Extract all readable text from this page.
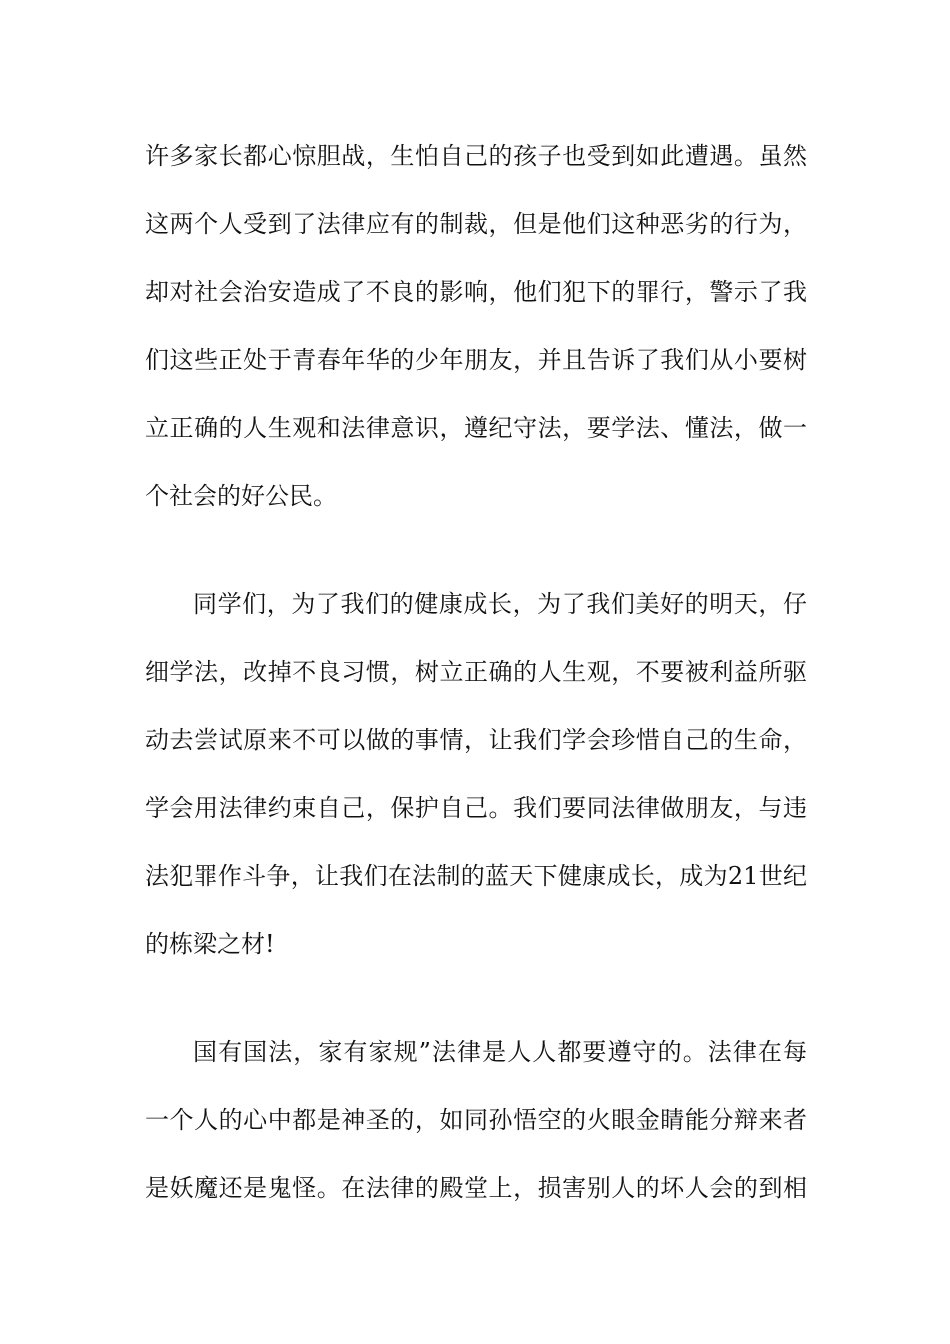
许多家长都心惊胆战，生怕自己的孩子也受到如此遭遇。虽然
这两个人受到了法律应有的制裁，但是他们这种恶劣的行为，
却对社会治安造成了不良的影响，他们犯下的罪行，警示了我
们这些正处于青春年华的少年朋友，并且告诉了我们从小要树
立正确的人生观和法律意识，遵纪守法，要学法、懂法，做一
个社会的好公民。
同学们，为了我们的健康成长，为了我们美好的明天，仔
细学法，改掉不良习惯，树立正确的人生观，不要被利益所驱
动去尝试原来不可以做的事情，让我们学会珍惜自己的生命，
学会用法律约束自己，保护自己。我们要同法律做朋友，与违
法犯罪作斗争，让我们在法制的蓝天下健康成长，成为21世纪
的栋梁之材!
国有国法，家有家规”法律是人人都要遵守的。法律在每
一个人的心中都是神圣的，如同孙悟空的火眼金睛能分辩来者
是妖魔还是鬼怪。在法律的殿堂上，损害别人的坏人会的到相
